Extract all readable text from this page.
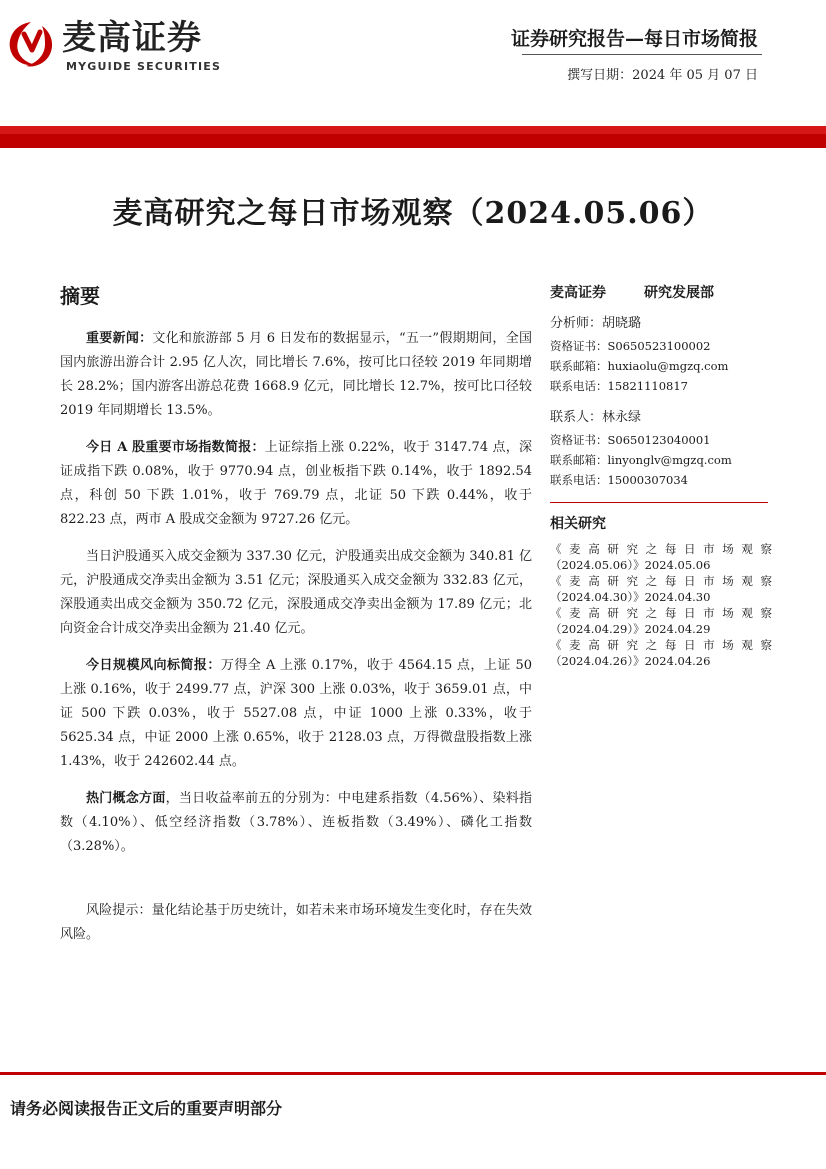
麦高证券
MYGUIDE SECURITIES
证券研究报告—每日市场简报
撰写日期：2024 年 05 月 07 日
麦高研究之每日市场观察（2024.05.06）
摘要

重要新闻：文化和旅游部 5 月 6 日发布的数据显示，“五一”假期期间，全国国内旅游出游合计 2.95 亿人次，同比增长 7.6%，按可比口径较 2019 年同期增长 28.2%；国内游客出游总花费 1668.9 亿元，同比增长 12.7%，按可比口径较 2019 年同期增长 13.5%。

今日 A 股重要市场指数简报：上证综指上涨 0.22%，收于 3147.74 点，深证成指下跌 0.08%，收于 9770.94 点，创业板指下跌 0.14%，收于 1892.54 点，科创 50 下跌 1.01%，收于 769.79 点，北证 50 下跌 0.44%，收于 822.23 点，两市 A 股成交金额为 9727.26 亿元。

当日沪股通买入成交金额为 337.30 亿元，沪股通卖出成交金额为 340.81 亿元，沪股通成交净卖出金额为 3.51 亿元；深股通买入成交金额为 332.83 亿元，深股通卖出成交金额为 350.72 亿元，深股通成交净卖出金额为 17.89 亿元；北向资金合计成交净卖出金额为 21.40 亿元。

今日规模风向标简报：万得全 A 上涨 0.17%，收于 4564.15 点，上证 50 上涨 0.16%，收于 2499.77 点，沪深 300 上涨 0.03%，收于 3659.01 点，中证 500 下跌 0.03%，收于 5527.08 点，中证 1000 上涨 0.33%，收于 5625.34 点，中证 2000 上涨 0.65%，收于 2128.03 点，万得微盘股指数上涨 1.43%，收于 242602.44 点。

热门概念方面，当日收益率前五的分别为：中电建系指数（4.56%）、染料指数（4.10%）、低空经济指数（3.78%）、连板指数（3.49%）、磷化工指数（3.28%）。

风险提示：量化结论基于历史统计，如若未来市场环境发生变化时，存在失效风险。

麦高证券	研究发展部
分析师：胡晓璐
资格证书：S0650523100002
联系邮箱：huxiaolu@mgzq.com
联系电话：15821110817
联系人：林永绿
资格证书：S0650123040001
联系邮箱：linyonglv@mgzq.com
联系电话：15000307034
相关研究
《麦高研究之每日市场观察
（2024.05.06）》2024.05.06
《麦高研究之每日市场观察
（2024.04.30）》2024.04.30
《麦高研究之每日市场观察
（2024.04.29）》2024.04.29
《麦高研究之每日市场观察
（2024.04.26）》2024.04.26
请务必阅读报告正文后的重要声明部分
